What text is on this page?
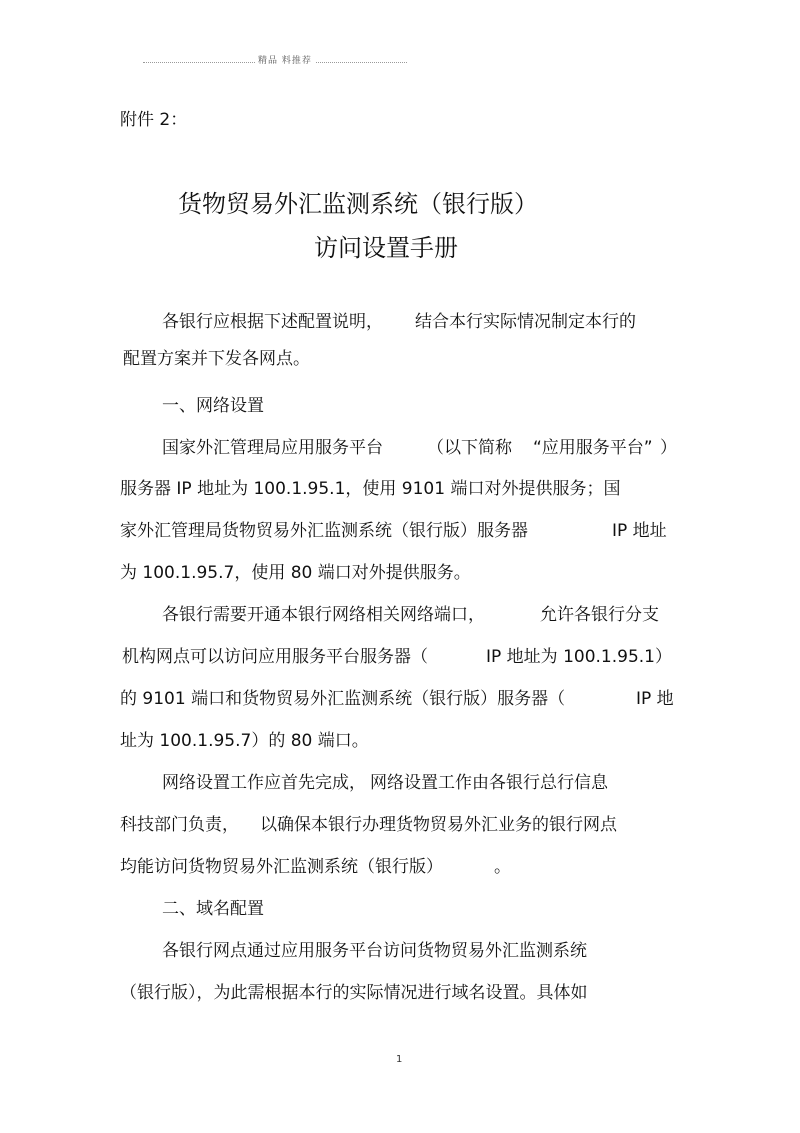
精品 料推荐
附件 2：
货物贸易外汇监测系统（银行版）
访问设置手册
各银行应根据下述配置说明， 结合本行实际情况制定本行的
配置方案并下发各网点。
一、网络设置
国家外汇管理局应用服务平台	（以下简称 “应用服务平台” ）
服务器 IP 地址为 100.1.95.1，使用 9101 端口对外提供服务；国
家外汇管理局货物贸易外汇监测系统（银行版）服务器	IP 地址
为 100.1.95.7，使用 80 端口对外提供服务。
各银行需要开通本银行网络相关网络端口，	允许各银行分支
机构网点可以访问应用服务平台服务器（	IP 地址为 100.1.95.1）
的 9101 端口和货物贸易外汇监测系统（银行版）服务器（	IP 地
址为 100.1.95.7）的 80 端口。
网络设置工作应首先完成， 网络设置工作由各银行总行信息
科技部门负责， 以确保本银行办理货物贸易外汇业务的银行网点
均能访问货物贸易外汇监测系统（银行版）	。
二、域名配置
各银行网点通过应用服务平台访问货物贸易外汇监测系统
（银行版），为此需根据本行的实际情况进行域名设置。具体如
1
